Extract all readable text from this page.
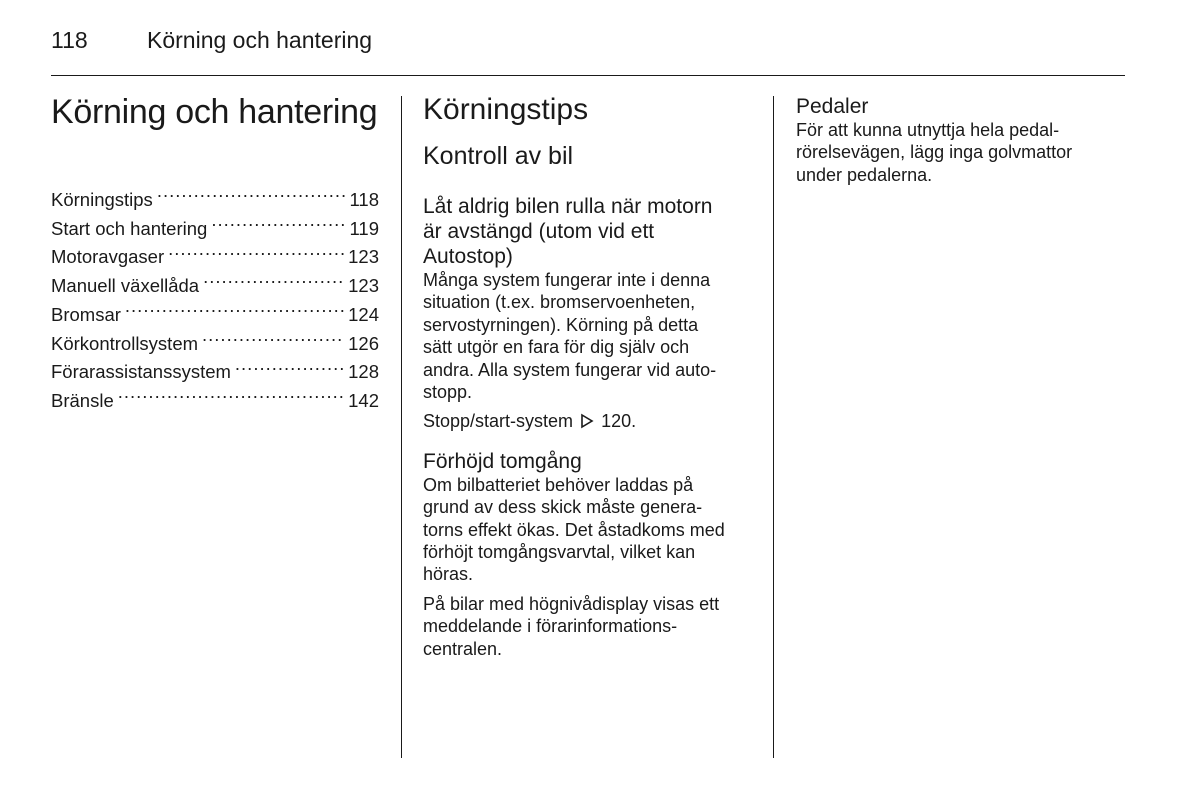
118	Körning och hantering
Körning och hantering
Körningstips .....	118
Start och hantering .....	119
Motoravgaser .....	123
Manuell växellåda .....	123
Bromsar .....	124
Körkontrollsystem .....	126
Förarassistanssystem .....	128
Bränsle .....	142
Körningstips
Kontroll av bil
Låt aldrig bilen rulla när motorn
är avstängd (utom vid ett
Autostop)

Många system fungerar inte i denna
situation (t.ex. bromservoenheten,
servostyrningen). Körning på detta
sätt utgör en fara för dig själv och
andra. Alla system fungerar vid auto-
stopp.

Stopp/start-system 120.

Förhöjd tomgång

Om bilbatteriet behöver laddas på
grund av dess skick måste genera-
torns effekt ökas. Det åstadkoms med
förhöjt tomgångsvarvtal, vilket kan
höras.

På bilar med högnivådisplay visas ett
meddelande i förarinformations-
centralen.

Pedaler

För att kunna utnyttja hela pedal-
rörelsevägen, lägg inga golvmattor
under pedalerna.
